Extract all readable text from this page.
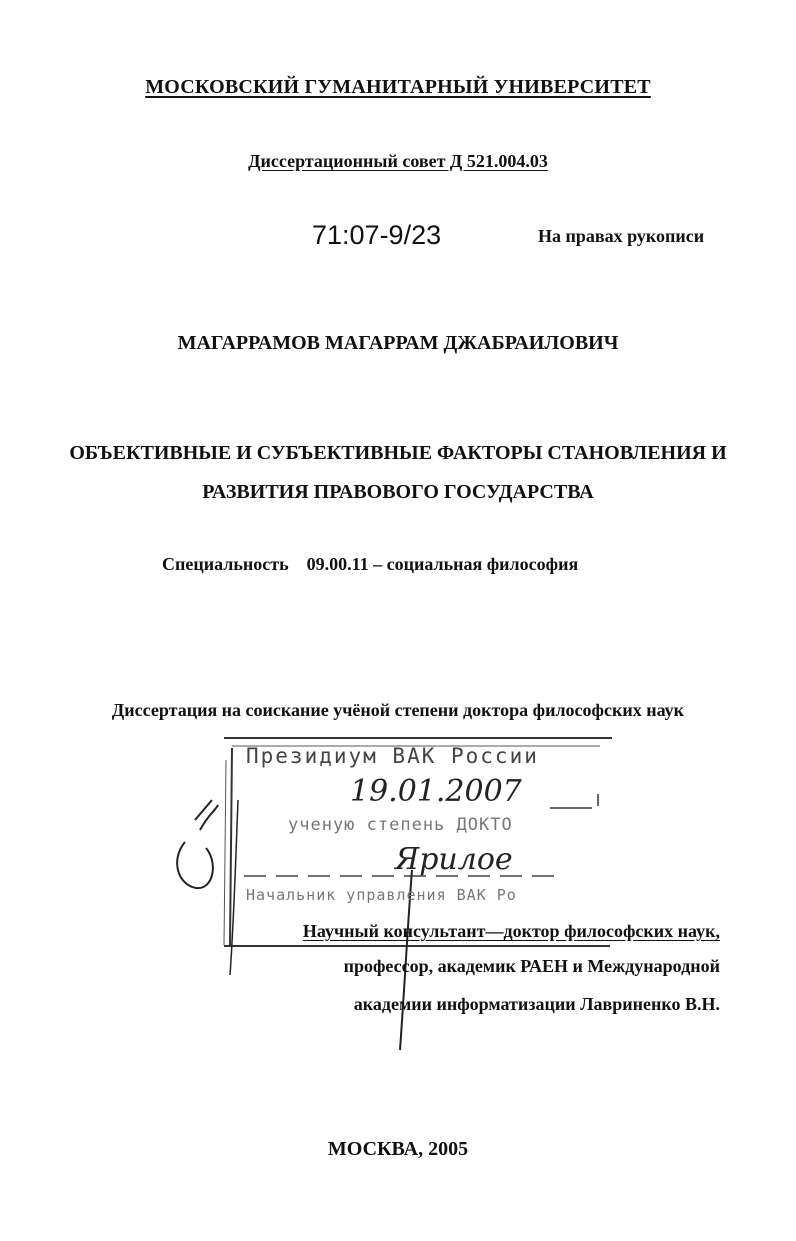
МОСКОВСКИЙ ГУМАНИТАРНЫЙ УНИВЕРСИТЕТ
Диссертационный совет Д 521.004.03
71:07-9/23	На правах рукописи
МАГАРРАМОВ МАГАРРАМ ДЖАБРАИЛОВИЧ
ОБЪЕКТИВНЫЕ И СУБЪЕКТИВНЫЕ ФАКТОРЫ СТАНОВЛЕНИЯ И
РАЗВИТИЯ ПРАВОВОГО ГОСУДАРСТВА
Специальность    09.00.11 – социальная философия
Диссертация на соискание учёной степени доктора философских наук
Президиум ВАК России
19.01.2007
ученую степень ДОКТО
Ярилое
Начальник управления ВАК Ро
Научный консультант—доктор философских наук,
профессор, академик РАЕН и Международной
академии информатизации Лавриненко В.Н.
МОСКВА, 2005
